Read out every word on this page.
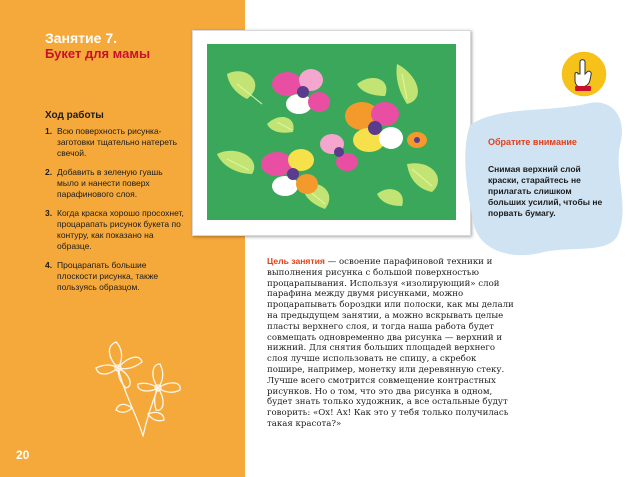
Занятие 7.
Букет для мамы
Ход работы
1. Всю поверхность рисунка-заготовки тщательно натереть свечой.
2. Добавить в зеленую гуашь мыло и нанести поверх парафинового слоя.
3. Когда краска хорошо просохнет, процарапать рисунок букета по контуру, как показано на образце.
4. Процарапать большие плоскости рисунка, также пользуясь образцом.
20
Обратите внимание

Снимая верхний слой краски, старайтесь не прилагать слишком больших усилий, чтобы не порвать бумагу.

Цель занятия — освоение парафиновой техники и выполнения рисунка с большой поверхностью процарапывания. Используя «изолирующий» слой парафина между двумя рисунками, можно процарапывать бороздки или полоски, как мы делали на предыдущем занятии, а можно вскрывать целые пласты верхнего слоя, и тогда наша работа будет совмещать одновременно два рисунка — верхний и нижний. Для снятия больших площадей верхнего слоя лучше использовать не спицу, а скребок пошире, например, монетку или деревянную стеку. Лучше всего смотрится совмещение контрастных рисунков. Но о том, что это два рисунка в одном, будет знать только художник, а все остальные будут говорить: «Ох! Ах! Как это у тебя только получилась такая красота?»
